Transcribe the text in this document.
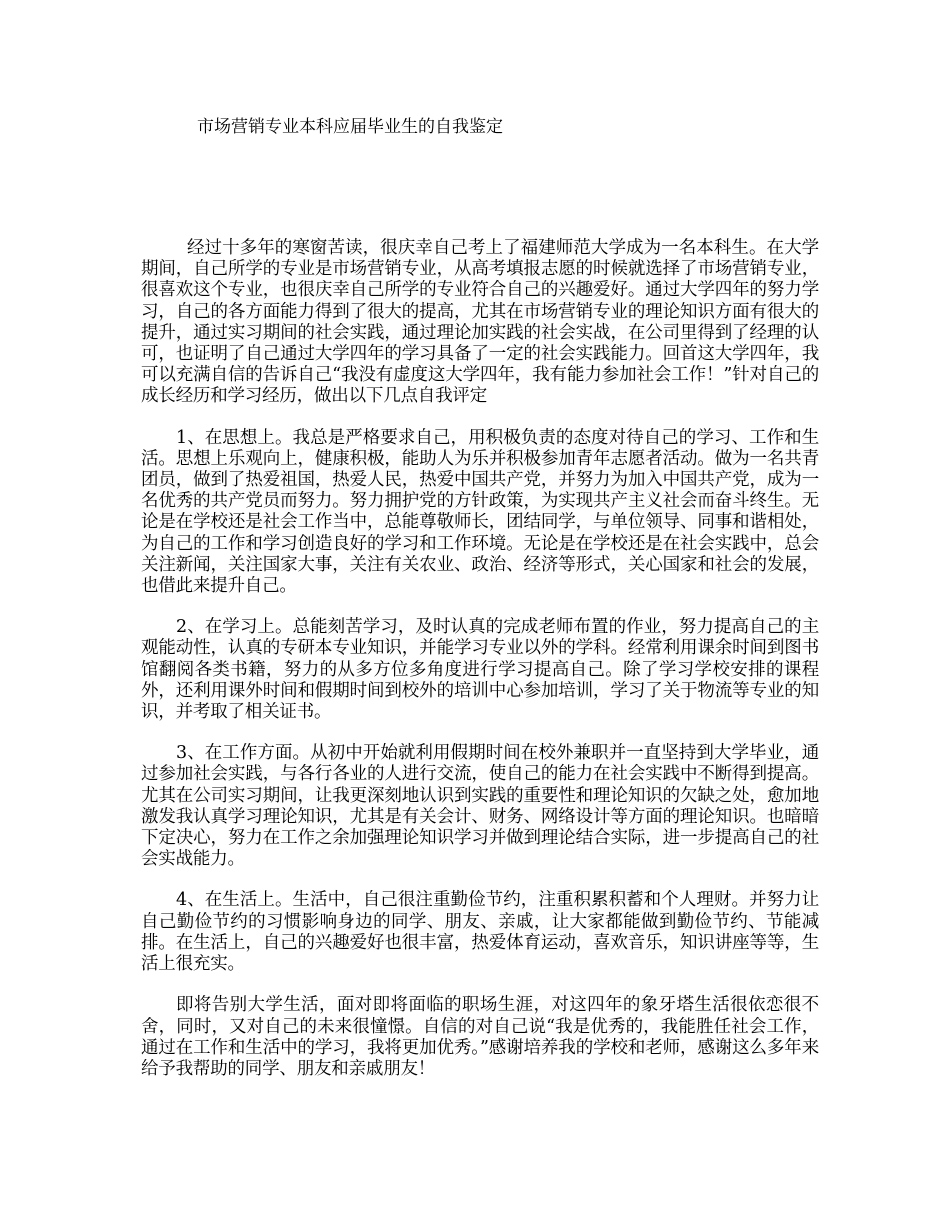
市场营销专业本科应届毕业生的自我鉴定

经过十多年的寒窗苦读，很庆幸自己考上了福建师范大学成为一名本科生。在大学期间，自己所学的专业是市场营销专业，从高考填报志愿的时候就选择了市场营销专业，很喜欢这个专业，也很庆幸自己所学的专业符合自己的兴趣爱好。通过大学四年的努力学习，自己的各方面能力得到了很大的提高，尤其在市场营销专业的理论知识方面有很大的提升，通过实习期间的社会实践，通过理论加实践的社会实战，在公司里得到了经理的认可，也证明了自己通过大学四年的学习具备了一定的社会实践能力。回首这大学四年，我可以充满自信的告诉自己“我没有虚度这大学四年，我有能力参加社会工作！”针对自己的成长经历和学习经历，做出以下几点自我评定

1、在思想上。我总是严格要求自己，用积极负责的态度对待自己的学习、工作和生活。思想上乐观向上，健康积极，能助人为乐并积极参加青年志愿者活动。做为一名共青团员，做到了热爱祖国，热爱人民，热爱中国共产党，并努力为加入中国共产党，成为一名优秀的共产党员而努力。努力拥护党的方针政策，为实现共产主义社会而奋斗终生。无论是在学校还是社会工作当中，总能尊敬师长，团结同学，与单位领导、同事和谐相处，为自己的工作和学习创造良好的学习和工作环境。无论是在学校还是在社会实践中，总会关注新闻，关注国家大事，关注有关农业、政治、经济等形式，关心国家和社会的发展，也借此来提升自己。

2、在学习上。总能刻苦学习，及时认真的完成老师布置的作业，努力提高自己的主观能动性，认真的专研本专业知识，并能学习专业以外的学科。经常利用课余时间到图书馆翻阅各类书籍，努力的从多方位多角度进行学习提高自己。除了学习学校安排的课程外，还利用课外时间和假期时间到校外的培训中心参加培训，学习了关于物流等专业的知识，并考取了相关证书。

3、在工作方面。从初中开始就利用假期时间在校外兼职并一直坚持到大学毕业，通过参加社会实践，与各行各业的人进行交流，使自己的能力在社会实践中不断得到提高。尤其在公司实习期间，让我更深刻地认识到实践的重要性和理论知识的欠缺之处，愈加地激发我认真学习理论知识，尤其是有关会计、财务、网络设计等方面的理论知识。也暗暗下定决心，努力在工作之余加强理论知识学习并做到理论结合实际，进一步提高自己的社会实战能力。

4、在生活上。生活中，自己很注重勤俭节约，注重积累积蓄和个人理财。并努力让自己勤俭节约的习惯影响身边的同学、朋友、亲戚，让大家都能做到勤俭节约、节能减排。在生活上，自己的兴趣爱好也很丰富，热爱体育运动，喜欢音乐，知识讲座等等，生活上很充实。

即将告别大学生活，面对即将面临的职场生涯，对这四年的象牙塔生活很依恋很不舍，同时，又对自己的未来很憧憬。自信的对自己说“我是优秀的，我能胜任社会工作，通过在工作和生活中的学习，我将更加优秀。”感谢培养我的学校和老师，感谢这么多年来给予我帮助的同学、朋友和亲戚朋友！
